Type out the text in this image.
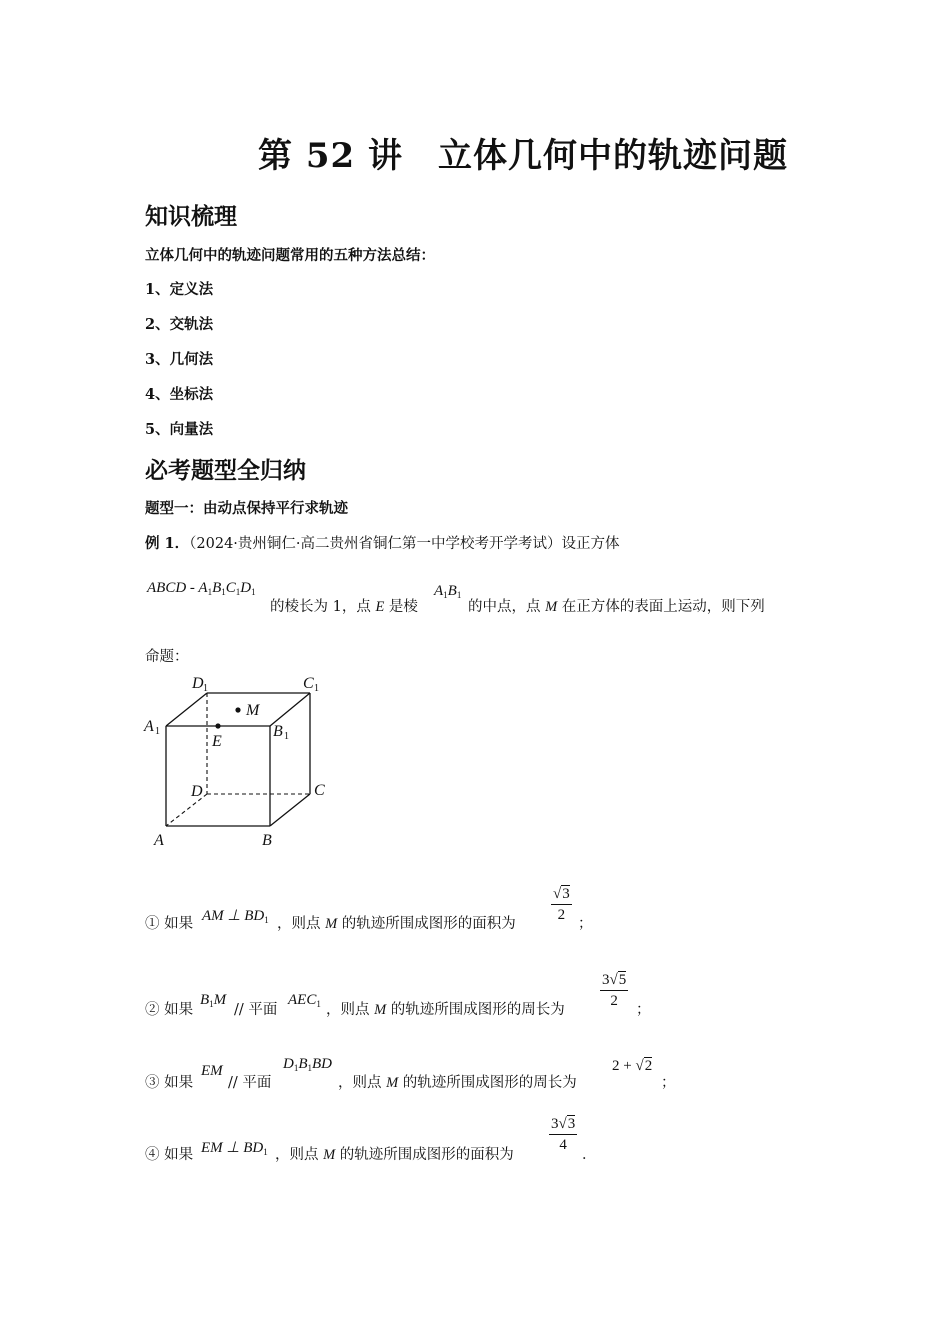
第 52 讲　立体几何中的轨迹问题
知识梳理
立体几何中的轨迹问题常用的五种方法总结：
1、定义法
2、交轨法
3、几何法
4、坐标法
5、向量法
必考题型全归纳
题型一：由动点保持平行求轨迹
例 1．（2024·贵州铜仁·高二贵州省铜仁第一中学校考开学考试）设正方体
ABCD - $A_1B_1C_1D_1$
的棱长为 1，点 E 是棱
$A_1B_1$
的中点，点 M 在正方体的表面上运动，则下列
命题：
D 1	C 1
A 1	B 1
E
M
D	C
A	B
① 如果 AM ⊥ $BD_1$ ，则点 M 的轨迹所围成图形的面积为 $\frac{√3}{2}$ ；
② 如果
$B_1M$
// 平面
$AEC_1$ ，则点 M 的轨迹所围成图形的周长为 $\frac{3√5}{2}$ ；
③ 如果
EM
// 平面
$D_1B_1BD$
，则点 M 的轨迹所围成图形的周长为
2 + √2
；
④ 如果 EM ⊥ $BD_1$ ，则点 M 的轨迹所围成图形的面积为
$\frac{3√3}{4}$
．
